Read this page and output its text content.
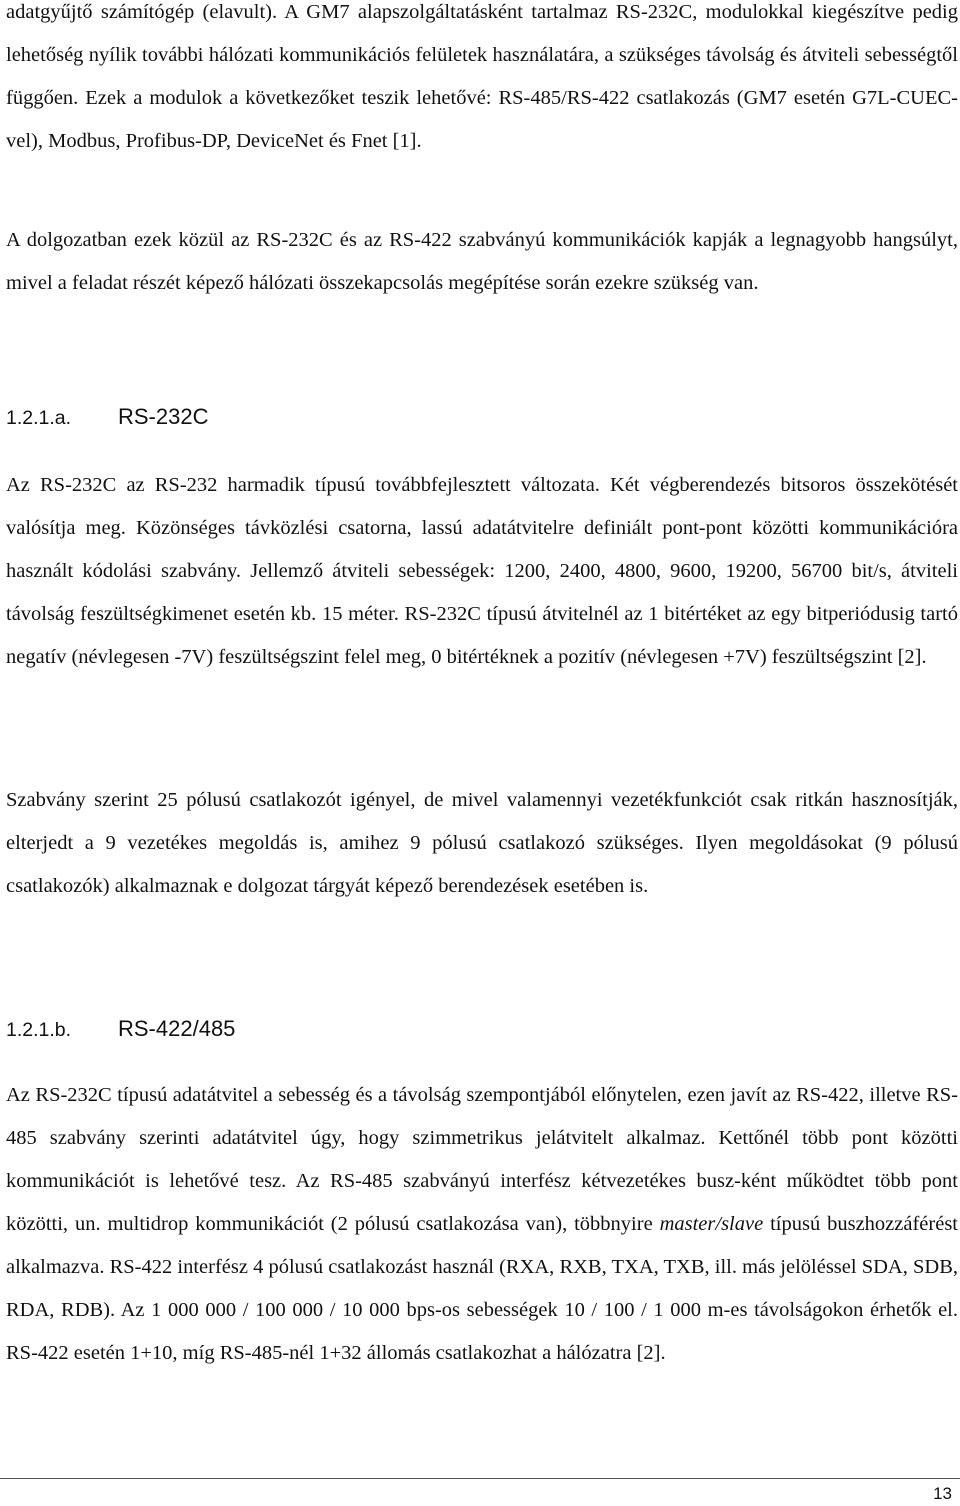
adatgyűjtő számítógép (elavult). A GM7 alapszolgáltatásként tartalmaz RS-232C, modulokkal kiegészítve pedig lehetőség nyílik további hálózati kommunikációs felületek használatára, a szükséges távolság és átviteli sebességtől függően. Ezek a modulok a következőket teszik lehetővé: RS-485/RS-422 csatlakozás (GM7 esetén G7L-CUEC-vel), Modbus, Profibus-DP, DeviceNet és Fnet [1].

A dolgozatban ezek közül az RS-232C és az RS-422 szabványú kommunikációk kapják a legnagyobb hangsúlyt, mivel a feladat részét képező hálózati összekapcsolás megépítése során ezekre szükség van.

1.2.1.a.	RS-232C

Az RS-232C az RS-232 harmadik típusú továbbfejlesztett változata. Két végberendezés bitsoros összekötését valósítja meg. Közönséges távközlési csatorna, lassú adatátvitelre definiált pont-pont közötti kommunikációra használt kódolási szabvány. Jellemző átviteli sebességek: 1200, 2400, 4800, 9600, 19200, 56700 bit/s, átviteli távolság feszültségkimenet esetén kb. 15 méter. RS-232C típusú átvitelnél az 1 bitértéket az egy bitperiódusig tartó negatív (névlegesen -7V) feszültségszint felel meg, 0 bitértéknek a pozitív (névlegesen +7V) feszültségszint [2].

Szabvány szerint 25 pólusú csatlakozót igényel, de mivel valamennyi vezetékfunkciót csak ritkán hasznosítják, elterjedt a 9 vezetékes megoldás is, amihez 9 pólusú csatlakozó szükséges. Ilyen megoldásokat (9 pólusú csatlakozók) alkalmaznak e dolgozat tárgyát képező berendezések esetében is.

1.2.1.b.	RS-422/485

Az RS-232C típusú adatátvitel a sebesség és a távolság szempontjából előnytelen, ezen javít az RS-422, illetve RS-485 szabvány szerinti adatátvitel úgy, hogy szimmetrikus jelátvitelt alkalmaz. Kettőnél több pont közötti kommunikációt is lehetővé tesz. Az RS-485 szabványú interfész kétvezetékes busz-ként működtet több pont közötti, un. multidrop kommunikációt (2 pólusú csatlakozása van), többnyire master/slave típusú buszhozzáférést alkalmazva. RS-422 interfész 4 pólusú csatlakozást használ (RXA, RXB, TXA, TXB, ill. más jelöléssel SDA, SDB, RDA, RDB). Az 1 000 000 / 100 000 / 10 000 bps-os sebességek 10 / 100 / 1 000 m-es távolságokon érhetők el. RS-422 esetén 1+10, míg RS-485-nél 1+32 állomás csatlakozhat a hálózatra [2].

13
